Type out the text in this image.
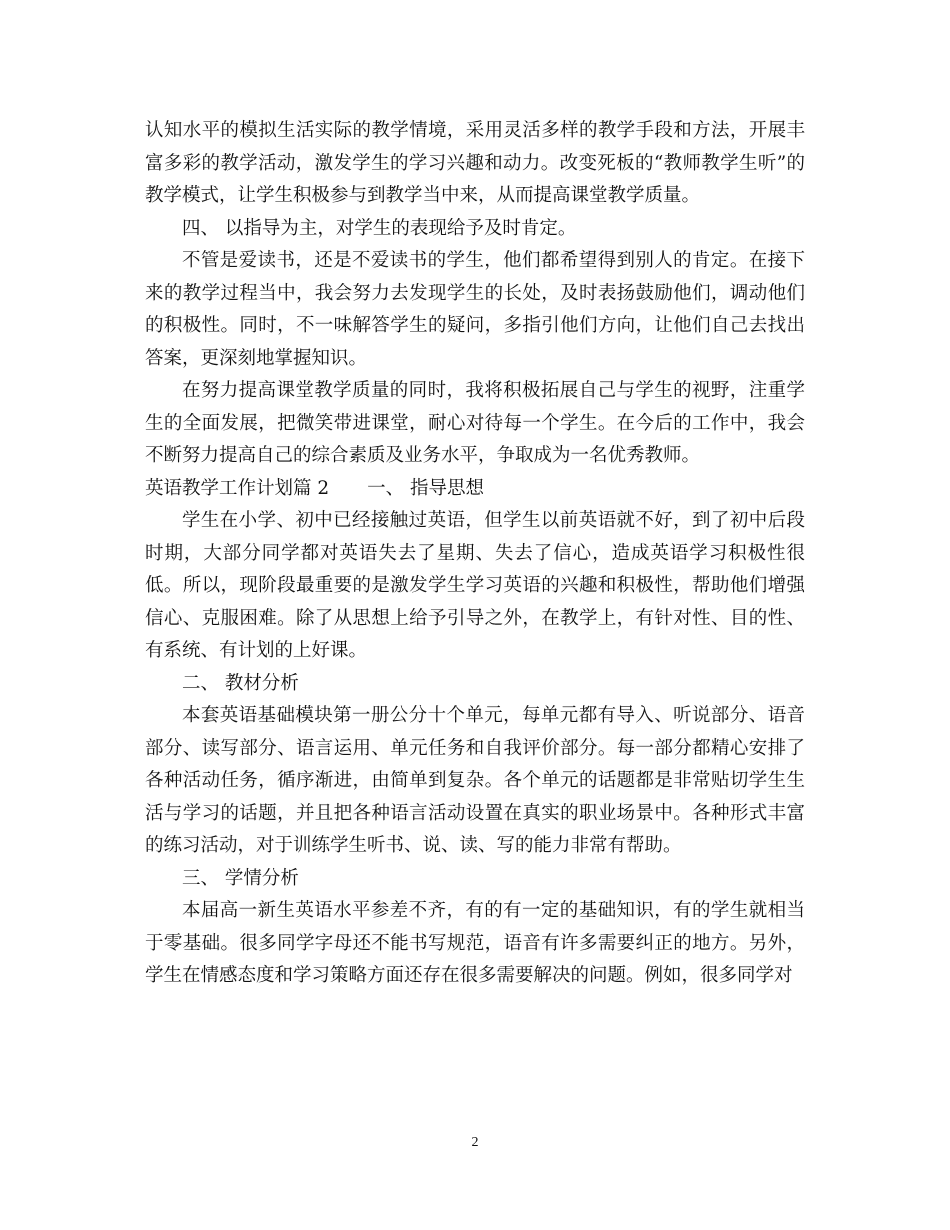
认知水平的模拟生活实际的教学情境，采用灵活多样的教学手段和方法，开展丰富多彩的教学活动，激发学生的学习兴趣和动力。改变死板的“教师教学生听”的教学模式，让学生积极参与到教学当中来，从而提高课堂教学质量。

四、 以指导为主，对学生的表现给予及时肯定。

不管是爱读书，还是不爱读书的学生，他们都希望得到别人的肯定。在接下来的教学过程当中，我会努力去发现学生的长处，及时表扬鼓励他们，调动他们的积极性。同时，不一味解答学生的疑问，多指引他们方向，让他们自己去找出答案，更深刻地掌握知识。

在努力提高课堂教学质量的同时，我将积极拓展自己与学生的视野，注重学生的全面发展，把微笑带进课堂，耐心对待每一个学生。在今后的工作中，我会不断努力提高自己的综合素质及业务水平，争取成为一名优秀教师。

英语教学工作计划篇 2 一、 指导思想

学生在小学、初中已经接触过英语，但学生以前英语就不好，到了初中后段时期，大部分同学都对英语失去了星期、失去了信心，造成英语学习积极性很低。所以，现阶段最重要的是激发学生学习英语的兴趣和积极性，帮助他们增强信心、克服困难。除了从思想上给予引导之外，在教学上，有针对性、目的性、有系统、有计划的上好课。

二、 教材分析

本套英语基础模块第一册公分十个单元，每单元都有导入、听说部分、语音部分、读写部分、语言运用、单元任务和自我评价部分。每一部分都精心安排了各种活动任务，循序渐进，由简单到复杂。各个单元的话题都是非常贴切学生生活与学习的话题，并且把各种语言活动设置在真实的职业场景中。各种形式丰富的练习活动，对于训练学生听书、说、读、写的能力非常有帮助。

三、 学情分析

本届高一新生英语水平参差不齐，有的有一定的基础知识，有的学生就相当于零基础。很多同学字母还不能书写规范，语音有许多需要纠正的地方。另外，学生在情感态度和学习策略方面还存在很多需要解决的问题。例如，很多同学对

2
